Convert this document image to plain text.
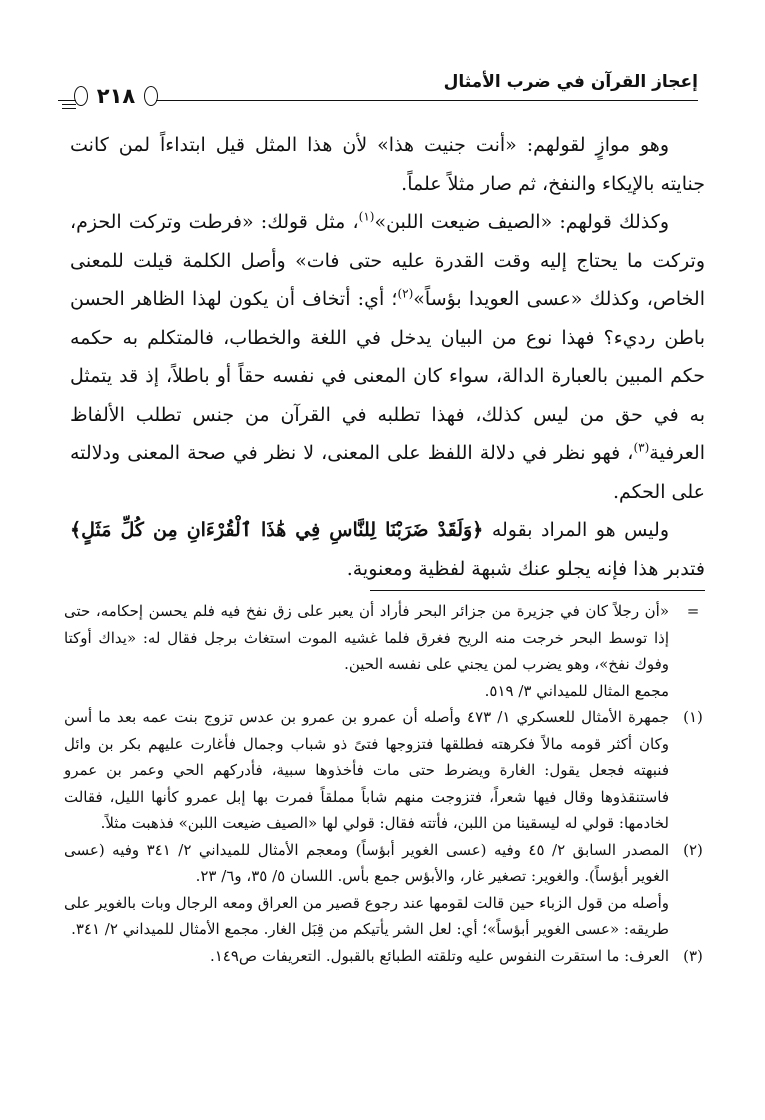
إعجاز القرآن في ضرب الأمثال
٢١٨

وهو موازٍ لقولهم: «أنت جنيت هذا» لأن هذا المثل قيل ابتداءاً لمن كانت جنايته بالإيكاء والنفخ، ثم صار مثلاً علماً.

وكذلك قولهم: «الصيف ضيعت اللبن»$^{(١)}$، مثل قولك: «فرطت وتركت الحزم، وتركت ما يحتاج إليه وقت القدرة عليه حتى فات» وأصل الكلمة قيلت للمعنى الخاص، وكذلك «عسى العويدا بؤساً»$^{(٢)}$؛ أي: أتخاف أن يكون لهذا الظاهر الحسن باطن رديء؟ فهذا نوع من البيان يدخل في اللغة والخطاب، فالمتكلم به حكمه حكم المبين بالعبارة الدالة، سواء كان المعنى في نفسه حقاً أو باطلاً، إذ قد يتمثل به في حق من ليس كذلك، فهذا تطلبه في القرآن من جنس تطلب الألفاظ العرفية$^{(٣)}$، فهو نظر في دلالة اللفظ على المعنى، لا نظر في صحة المعنى ودلالته على الحكم.

وليس هو المراد بقوله ﴿وَلَقَدْ ضَرَبْنَا لِلنَّاسِ فِي هَٰذَا ٱلْقُرْءَانِ مِن كُلِّ مَثَلٍ﴾ فتدبر هذا فإنه يجلو عنك شبهة لفظية ومعنوية.

=
«أن رجلاً كان في جزيرة من جزائر البحر فأراد أن يعبر على زق نفخ فيه فلم يحسن إحكامه، حتى إذا توسط البحر خرجت منه الريح فغرق فلما غشيه الموت استغاث برجل فقال له: «يداك أوكتا وفوك نفخ»، وهو يضرب لمن يجني على نفسه الحين.

مجمع المثال للميداني ٣/ ٥١٩.

(١)
جمهرة الأمثال للعسكري ١/ ٤٧٣ وأصله أن عمرو بن عمرو بن عدس تزوج بنت عمه بعد ما أسن وكان أكثر قومه مالاً فكرهته فطلقها فتزوجها فتىً ذو شباب وجمال فأغارت عليهم بكر بن وائل فنبهته فجعل يقول: الغارة ويضرط حتى مات فأخذوها سبية، فأدركهم الحي وعمر بن عمرو فاستنقذوها وقال فيها شعراً، فتزوجت منهم شاباً مملقاً فمرت بها إبل عمرو كأنها الليل، فقالت لخادمها: قولي له ليسقينا من اللبن، فأتته فقال: قولي لها «الصيف ضيعت اللبن» فذهبت مثلاً.

(٢)
المصدر السابق ٢/ ٤٥ وفيه (عسى الغوير أبؤساً) ومعجم الأمثال للميداني ٢/ ٣٤١ وفيه (عسى الغوير أبؤساً). والغوير: تصغير غار، والأبؤس جمع بأس. اللسان ٥/ ٣٥، و٦/ ٢٣.

وأصله من قول الزباء حين قالت لقومها عند رجوع قصير من العراق ومعه الرجال وبات بالغوير على طريقه: «عسى الغوير أبؤساً»؛ أي: لعل الشر يأتيكم من قِبَل الغار. مجمع الأمثال للميداني ٢/ ٣٤١.

(٣)
العرف: ما استقرت النفوس عليه وتلقته الطبائع بالقبول. التعريفات ص١٤٩.
